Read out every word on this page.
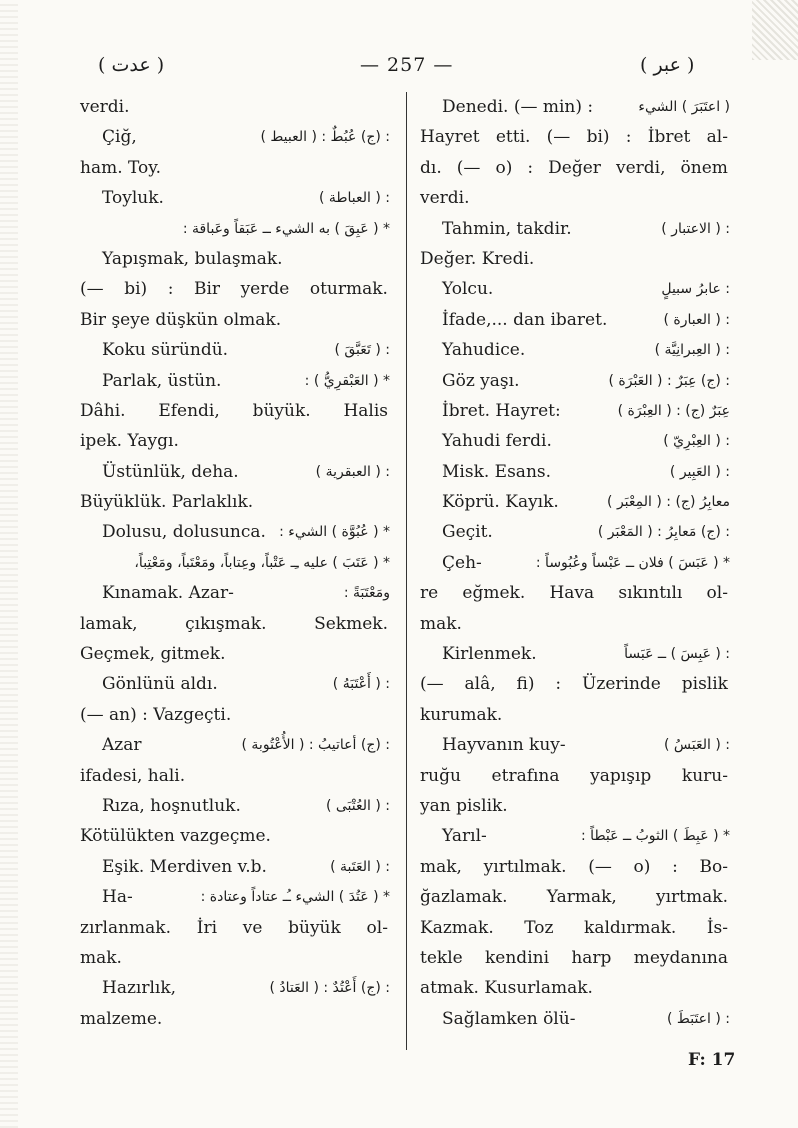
( عدت )	— 257 —	( عبر )
verdi.
Çiğ,	: (ج) عُبُطٌ : ( العبيط )
ham. Toy.
Toyluk.	: ( العباطة )
* ( عَبِقَ ) به الشيء ــ عَبَقاً وعَباقة :
Yapışmak, bulaşmak.
(— bi) : Bir yerde oturmak.
Bir şeye düşkün olmak.
Koku süründü.	: ( تَعَبَّقَ )
Parlak, üstün.	* ( العَبْقرِيُّ ) :
Dâhi. Efendi, büyük. Halis
ipek. Yaygı.
Üstünlük, deha.	: ( العبقرية )
Büyüklük. Parlaklık.
Dolusu, dolusunca. * ( عُبُوَّة ) الشيء :
* ( عَتَبَ ) عليه ـِـ عَتْباً، وعِتاباً، ومَعْتَباً، ومَعْتِباً،
Kınamak. Azar-	ومَعْتَبَةً :
lamak,	çıkışmak.	Sekmek.
Geçmek, gitmek.
Gönlünü aldı.	: ( أَعْتَبَهُ )
(— an) : Vazgeçti.
Azar	: (ج) أعاتيبُ : ( الأُعْتُوبة )
ifadesi, hali.
Rıza, hoşnutluk.	: ( العُتْبَى )
Kötülükten vazgeçme.
Eşik. Merdiven v.b.	: ( العَتَبة )
Ha-	* ( عَتُدَ ) الشيء ـُـ عتاداً وعتادة :
zırlanmak. İri ve büyük ol-
mak.
Hazırlık,	: (ج) أَعْتُدٌ : ( العَتادُ )
malzeme.
Denedi. (— min) :	( اعتَبَرَ ) الشيء
Hayret etti. (— bi) : İbret al-
dı. (— o) : Değer verdi, önem
verdi.
Tahmin, takdir.	: ( الاعتبار )
Değer. Kredi.
Yolcu.	: عابرُ سبيلٍ
İfade,... dan ibaret.	: ( العبارة )
Yahudice.	: ( العِبرانِيَّة )
Göz yaşı.	: (ج) عِبَرٌ : ( العَبْرَة )
İbret. Hayret:	عِبَرٌ (ج) : ( العِبْرَة )
Yahudi ferdi.	: ( العِبْرِيّ )
Misk. Esans.	: ( العَبِير )
Köprü. Kayık.	معابِرُ (ج) : ( المِعْبَر )
Geçit.	: (ج) مَعابِرُ : ( المَعْبَر )
Çeh-	* ( عَبَسَ ) فلان ــ عَبْساً وعُبُوساً :
re eğmek. Hava sıkıntılı ol-
mak.
Kirlenmek.	: ( عَبِسَ ) ــ عَبَساً
(— alâ, fi) : Üzerinde pislik
kurumak.
Hayvanın kuy-	: ( العَبَسُ )
ruğu etrafına yapışıp kuru-
yan pislik.
Yarıl-	* ( عَبِطَ ) الثوبُ ــ عَبْطاً :
mak, yırtılmak. (— o) : Bo-
ğazlamak. Yarmak, yırtmak.
Kazmak. Toz kaldırmak. İs-
tekle kendini harp meydanına
atmak. Kusurlamak.
Sağlamken ölü-	: ( اعتَبَطَ )
F: 17
